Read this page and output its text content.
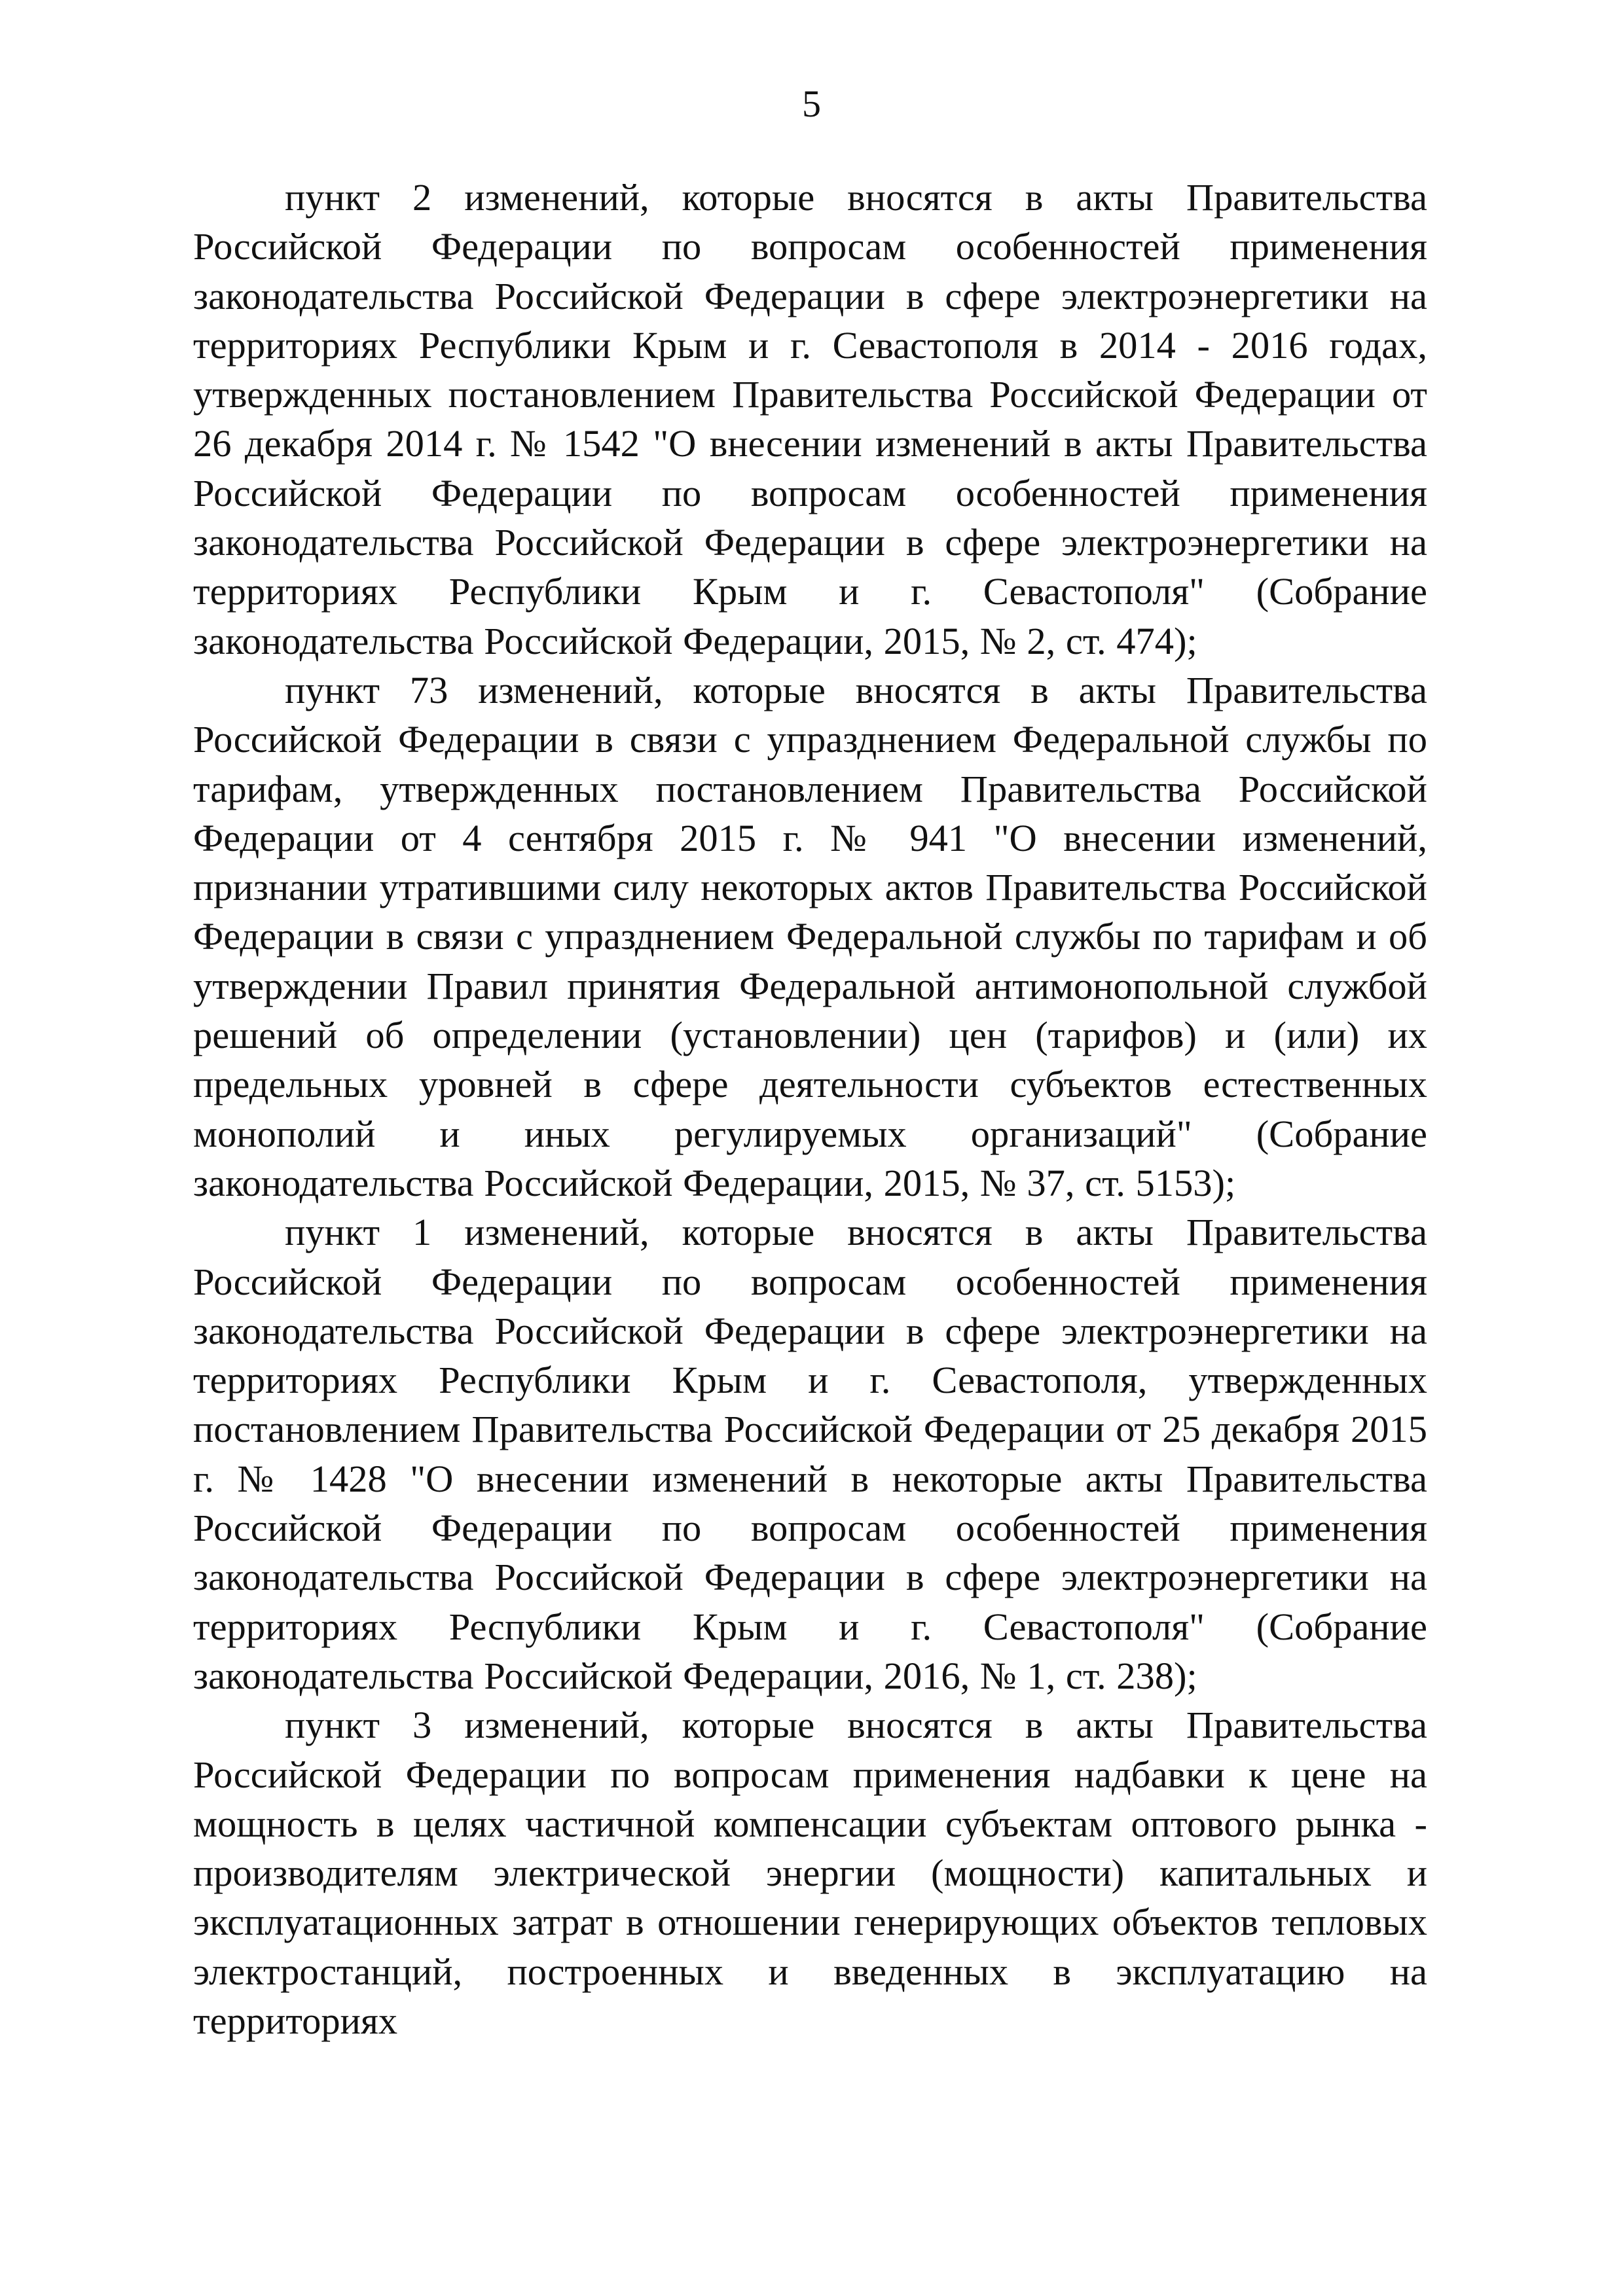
5

пункт 2 изменений, которые вносятся в акты Правительства Российской Федерации по вопросам особенностей применения законодательства Российской Федерации в сфере электроэнергетики на территориях Республики Крым и г. Севастополя в 2014 - 2016 годах, утвержденных постановлением Правительства Российской Федерации от 26 декабря 2014 г. № 1542 "О внесении изменений в акты Правительства Российской Федерации по вопросам особенностей применения законодательства Российской Федерации в сфере электроэнергетики на территориях Республики Крым и г. Севастополя" (Собрание законодательства Российской Федерации, 2015, № 2, ст. 474);

пункт 73 изменений, которые вносятся в акты Правительства Российской Федерации в связи с упразднением Федеральной службы по тарифам, утвержденных постановлением Правительства Российской Федерации от 4 сентября 2015 г. № 941 "О внесении изменений, признании утратившими силу некоторых актов Правительства Российской Федерации в связи с упразднением Федеральной службы по тарифам и об утверждении Правил принятия Федеральной антимонопольной службой решений об определении (установлении) цен (тарифов) и (или) их предельных уровней в сфере деятельности субъектов естественных монополий и иных регулируемых организаций" (Собрание законодательства Российской Федерации, 2015, № 37, ст. 5153);

пункт 1 изменений, которые вносятся в акты Правительства Российской Федерации по вопросам особенностей применения законодательства Российской Федерации в сфере электроэнергетики на территориях Республики Крым и г. Севастополя, утвержденных постановлением Правительства Российской Федерации от 25 декабря 2015 г. № 1428 "О внесении изменений в некоторые акты Правительства Российской Федерации по вопросам особенностей применения законодательства Российской Федерации в сфере электроэнергетики на территориях Республики Крым и г. Севастополя" (Собрание законодательства Российской Федерации, 2016, № 1, ст. 238);

пункт 3 изменений, которые вносятся в акты Правительства Российской Федерации по вопросам применения надбавки к цене на мощность в целях частичной компенсации субъектам оптового рынка - производителям электрической энергии (мощности) капитальных и эксплуатационных затрат в отношении генерирующих объектов тепловых электростанций, построенных и введенных в эксплуатацию на территориях
